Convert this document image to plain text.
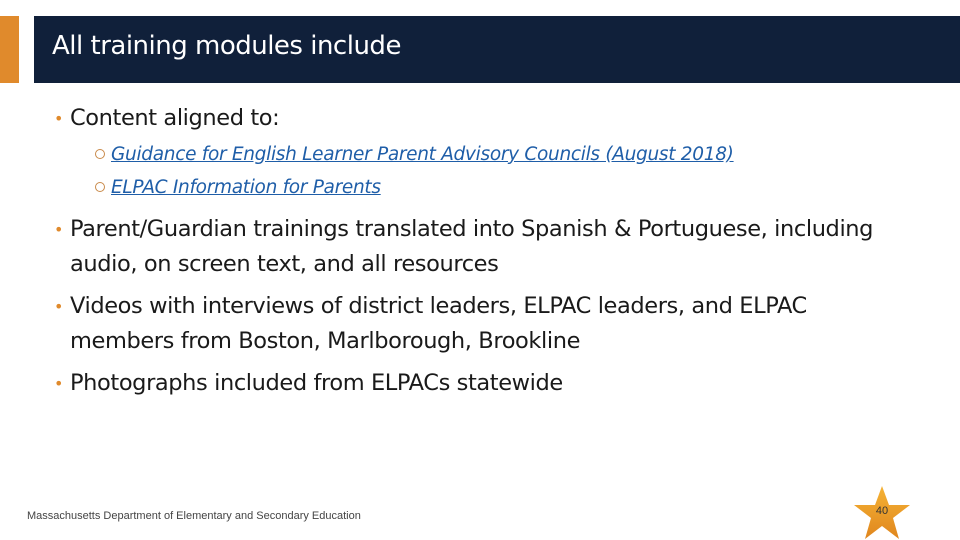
All training modules include
• Content aligned to:
Guidance for English Learner Parent Advisory Councils (August 2018)
ELPAC Information for Parents
• Parent/Guardian trainings translated into Spanish & Portuguese, including audio, on screen text, and all resources
• Videos with interviews of district leaders, ELPAC leaders, and ELPAC members from Boston, Marlborough, Brookline
• Photographs included from ELPACs statewide
Massachusetts Department of Elementary and Secondary Education	40
